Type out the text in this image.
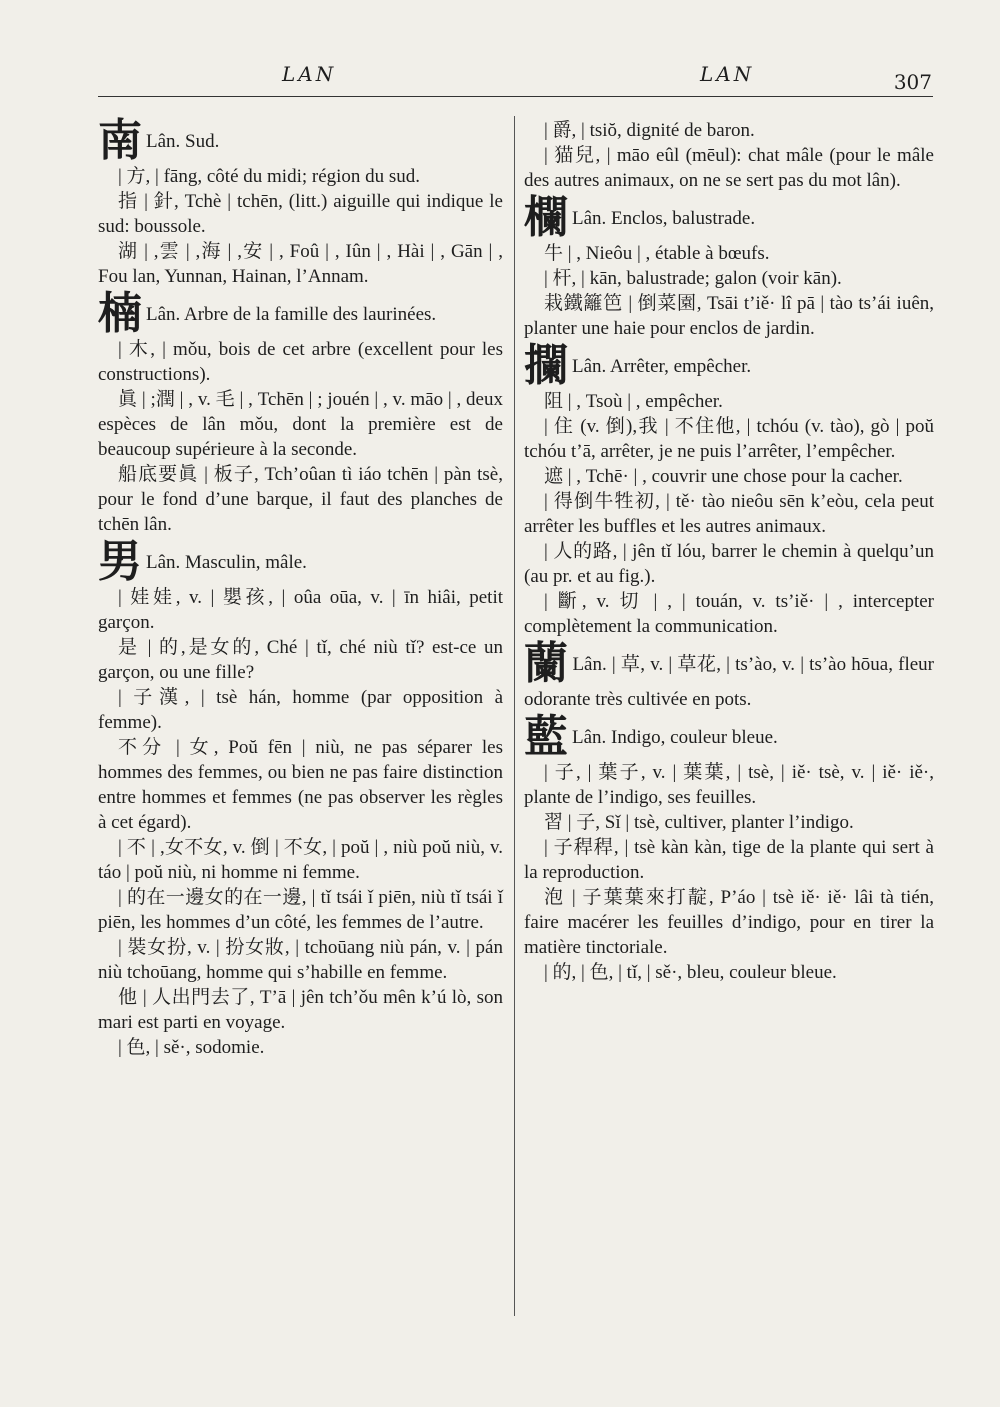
LAN	LAN	307

南 Lân. Sud.

| 方, | fāng, côté du midi; région du sud.

指 | 針, Tchè | tchēn, (litt.) aiguille qui indique le sud: boussole.

湖 | ,雲 | ,海 | ,安 | , Foû | , Iûn | , Hài | , Gān | , Fou lan, Yunnan, Hainan, l’Annam.

楠 Lân. Arbre de la famille des laurinées.

| 木, | mǒu, bois de cet arbre (excellent pour les constructions).

眞 | ;潤 | , v. 毛 | , Tchēn | ; jouén | , v. māo | , deux espèces de lân mǒu, dont la première est de beaucoup supérieure à la seconde.

船底要眞 | 板子, Tch’oûan tì iáo tchēn | pàn tsè, pour le fond d’une barque, il faut des planches de tchēn lân.

男 Lân. Masculin, mâle.

| 娃娃, v. | 嬰孩, | oûa oūa, v. | īn hiâi, petit garçon.

是 | 的,是女的, Ché | tǐ, ché niù tǐ? est-ce un garçon, ou une fille?

| 子漢, | tsè hán, homme (par opposition à femme).

不分 | 女, Poŭ fēn | niù, ne pas séparer les hommes des femmes, ou bien ne pas faire distinction entre hommes et femmes (ne pas observer les règles à cet égard).

| 不 | ,女不女, v. 倒 | 不女, | poŭ | , niù poŭ niù, v. táo | poŭ niù, ni homme ni femme.

| 的在一邊女的在一邊, | tǐ tsái ǐ piēn, niù tǐ tsái ǐ piēn, les hommes d’un côté, les femmes de l’autre.

| 裝女扮, v. | 扮女妝, | tchoūang niù pán, v. | pán niù tchoūang, homme qui s’habille en femme.

他 | 人出門去了, T’ā | jên tch’ǒu mên k’ú lò, son mari est parti en voyage.

| 色, | sě·, sodomie.

| 爵, | tsiŏ, dignité de baron.

| 猫兒, | māo eûl (mēul): chat mâle (pour le mâle des autres animaux, on ne se sert pas du mot lân).

欄 Lân. Enclos, balustrade.

牛 | , Nieôu | , étable à bœufs.

| 杆, | kān, balustrade; galon (voir kān).

栽鐵籬笆 | 倒菜園, Tsāi t’iě· lî pā | tào ts’ái iuên, planter une haie pour enclos de jardin.

攔 Lân. Arrêter, empêcher.

阻 | , Tsoù | , empêcher.

| 住 (v. 倒),我 | 不住他, | tchóu (v. tào), gò | poŭ tchóu t’ā, arrêter, je ne puis l’arrêter, l’empêcher.

遮 | , Tchē· | , couvrir une chose pour la cacher.

| 得倒牛牲初, | tě· tào nieôu sēn k’eòu, cela peut arrêter les buffles et les autres animaux.

| 人的路, | jên tǐ lóu, barrer le chemin à quelqu’un (au pr. et au fig.).

| 斷, v. 切 | , | touán, v. ts’iě· | , intercepter complètement la communication.

蘭 Lân. | 草, v. | 草花, | ts’ào, v. | ts’ào hōua, fleur odorante très cultivée en pots.

藍 Lân. Indigo, couleur bleue.

| 子, | 葉子, v. | 葉葉, | tsè, | iě· tsè, v. | iě· iě·, plante de l’indigo, ses feuilles.

習 | 子, Sǐ | tsè, cultiver, planter l’indigo.

| 子稈稈, | tsè kàn kàn, tige de la plante qui sert à la reproduction.

泡 | 子葉葉來打靛, P’áo | tsè iě· iě· lâi tà tién, faire macérer les feuilles d’indigo, pour en tirer la matière tinctoriale.

| 的, | 色, | tǐ, | sě·, bleu, couleur bleue.
